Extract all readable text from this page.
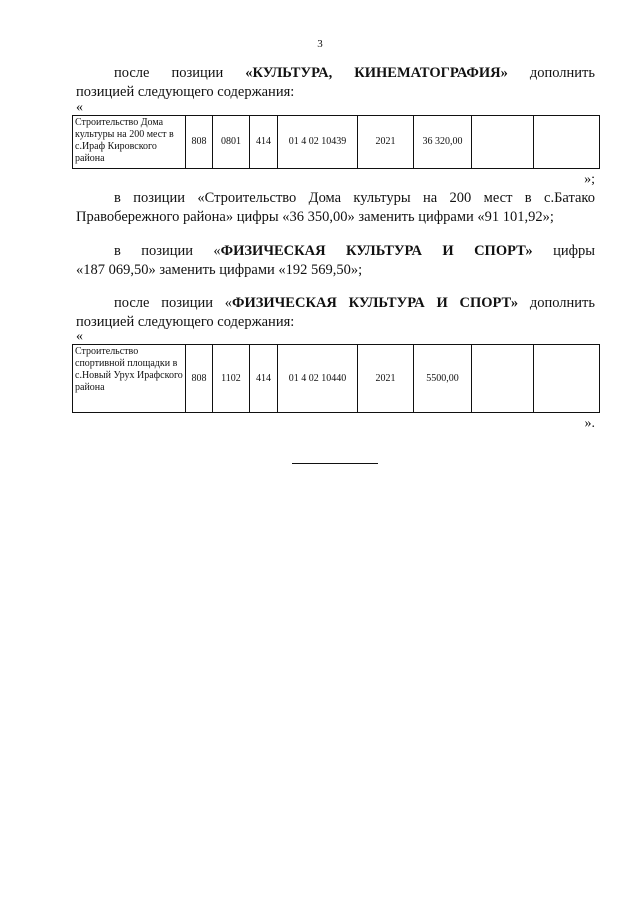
3
после позиции «КУЛЬТУРА, КИНЕМАТОГРАФИЯ» дополнить
позицией следующего содержания:
«
Строительство Дома культуры на 200 мест в с.Ираф Кировского района	808	0801	414	01 4 02 10439	2021	36 320,00		
»;
в позиции «Строительство Дома культуры на 200 мест в с.Батако
Правобережного района» цифры «36 350,00» заменить цифрами «91 101,92»;
в позиции «ФИЗИЧЕСКАЯ КУЛЬТУРА И СПОРТ» цифры
«187 069,50» заменить цифрами «192 569,50»;
после позиции «ФИЗИЧЕСКАЯ КУЛЬТУРА И СПОРТ» дополнить
позицией следующего содержания:
«
Строительство спортивной площадки в с.Новый Урух Ирафского района	808	1102	414	01 4 02 10440	2021	5500,00		
».
